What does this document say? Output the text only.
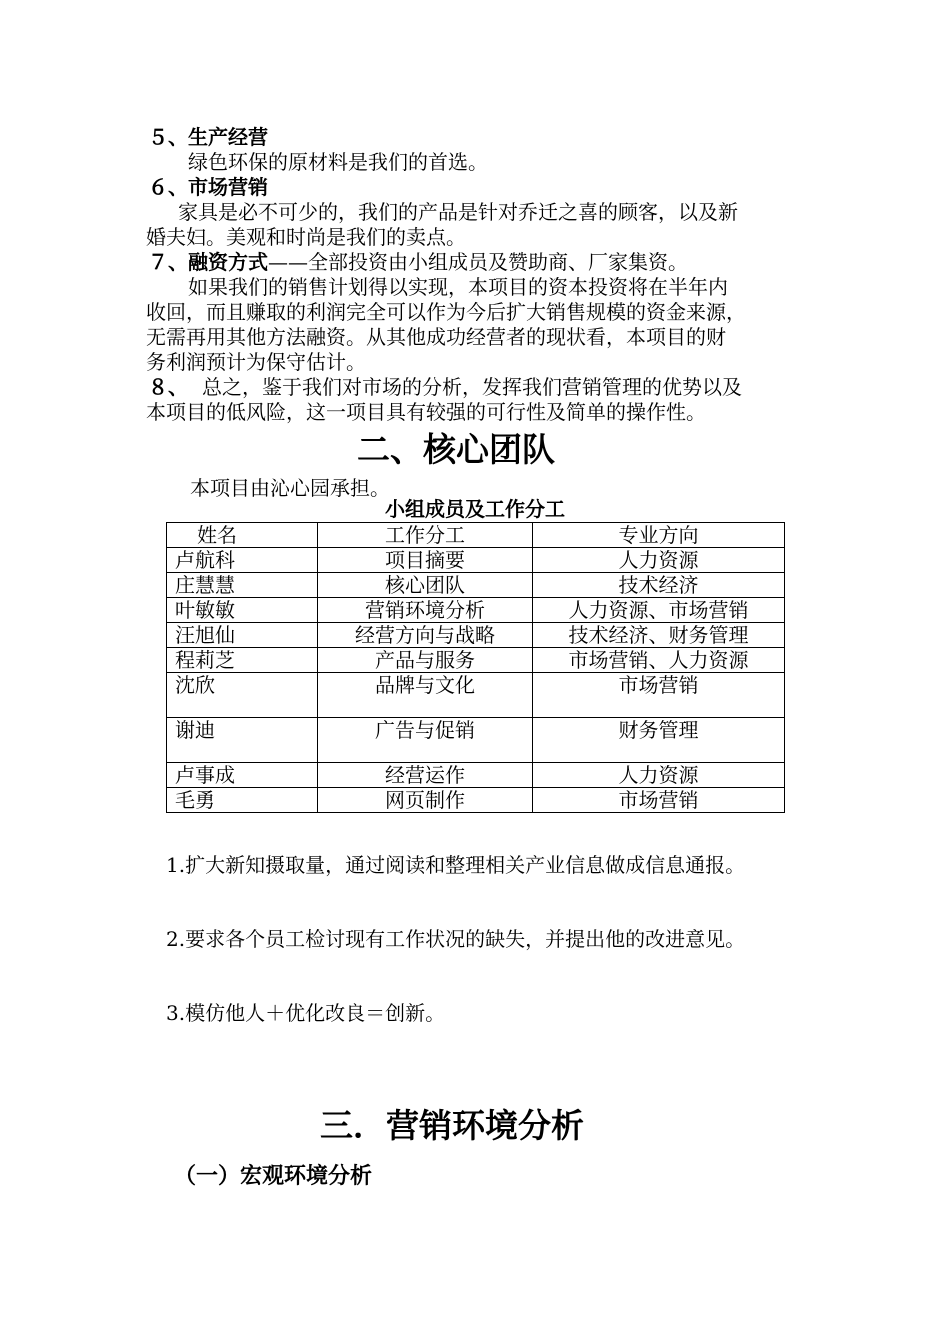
５、生产经营
绿色环保的原材料是我们的首选。
６、市场营销
家具是必不可少的，我们的产品是针对乔迁之喜的顾客，以及新
婚夫妇。美观和时尚是我们的卖点。
７、融资方式——全部投资由小组成员及赞助商、厂家集资。
如果我们的销售计划得以实现，本项目的资本投资将在半年内
收回，而且赚取的利润完全可以作为今后扩大销售规模的资金来源，
无需再用其他方法融资。从其他成功经营者的现状看，本项目的财
务利润预计为保守估计。
８、 总之，鉴于我们对市场的分析，发挥我们营销管理的优势以及
本项目的低风险，这一项目具有较强的可行性及简单的操作性。
二、核心团队
本项目由沁心园承担。
小组成员及工作分工
姓名	工作分工	专业方向
卢航科	项目摘要	人力资源
庄慧慧	核心团队	技术经济
叶敏敏	营销环境分析	人力资源、市场营销
汪旭仙	经营方向与战略	技术经济、财务管理
程莉芝	产品与服务	市场营销、人力资源
沈欣	品牌与文化	市场营销
谢迪	广告与促销	财务管理
卢事成	经营运作	人力资源
毛勇	网页制作	市场营销
1.扩大新知摄取量，通过阅读和整理相关产业信息做成信息通报。
2.要求各个员工检讨现有工作状况的缺失，并提出他的改进意见。
3.模仿他人＋优化改良＝创新。
三．营销环境分析
（一）宏观环境分析
